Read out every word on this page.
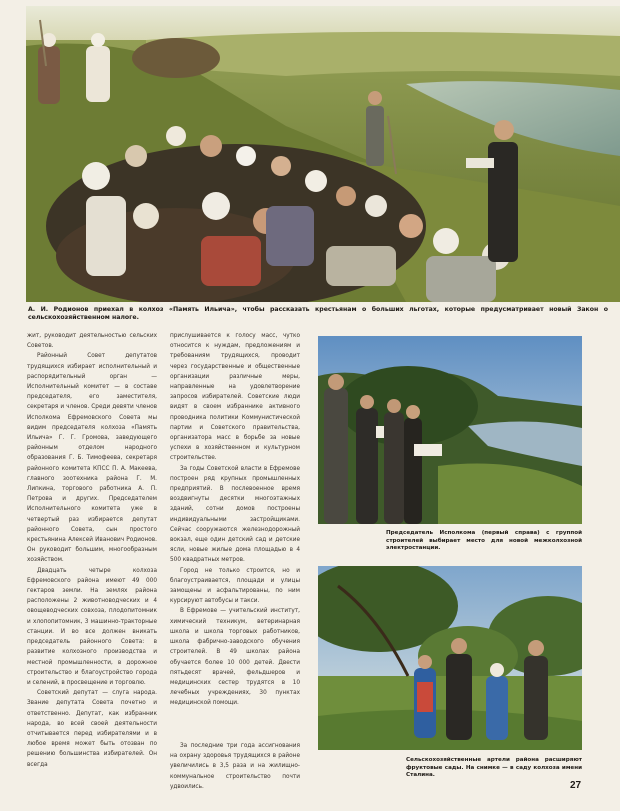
А. И. Родионов приехал в колхоз «Память Ильича», чтобы рассказать крестьянам о больших льготах, которые предусматривает новый Закон о сельскохозяйственном налоге.

жит, руководит деятельностью сельских Советов.

Районный Совет депутатов трудящихся избирает исполнительный и распорядительный орган — Исполнительный комитет — в составе председателя, его заместителя, секретаря и членов. Среди девяти членов Исполкома Ефремовского Совета мы видим председателя колхоза «Память Ильича» Г. Г. Громова, заведующего районным отделом народного образования Г. Б. Тимофеева, секретаря районного комитета КПСС П. А. Макеева, главного зоотехника района Г. М. Липкина, торгового работника А. П. Петрова и других. Председателем Исполнительного комитета уже в четвертый раз избирается депутат районного Совета, сын простого крестьянина Алексей Иванович Родионов. Он руководит большим, многообразным хозяйством.

Двадцать четыре колхоза Ефремовского района имеют 49 000 гектаров земли. На землях района расположены 2 животноводческих и 4 овощеводческих совхоза, плодопитомник и хлопопитомник, 3 машинно-тракторные станции. И во все должен вникать председатель районного Совета: в развитие колхозного производства и местной промышленности, в дорожное строительство и благоустройство города и селений, в просвещение и торговлю.

Советский депутат — слуга народа. Звание депутата Совета почетно и ответственно. Депутат, как избранник народа, во всей своей деятельности отчитывается перед избирателями и в любое время может быть отозван по решению большинства избирателей. Он всегда

прислушивается к голосу масс, чутко относится к нуждам, предложениям и требованиям трудящихся, проводит через государственные и общественные организации различные меры, направленные на удовлетворение запросов избирателей. Советские люди видят в своем избраннике активного проводника политики Коммунистической партии и Советского правительства, организатора масс в борьбе за новые успехи в хозяйственном и культурном строительстве.

За годы Советской власти в Ефремове построен ряд крупных промышленных предприятий. В послевоенное время воздвигнуты десятки многоэтажных зданий, сотни домов построены индивидуальными застройщиками. Сейчас сооружаются железнодорожный вокзал, еще один детский сад и детские ясли, новые жилые дома площадью в 4 500 квадратных метров.

Город не только строится, но и благоустраивается, площади и улицы замощены и асфальтированы, по ним курсируют автобусы и такси.

В Ефремове — учительский институт, химический техникум, ветеринарная школа и школа торговых работников, школа фабрично-заводского обучения строителей. В 49 школах района обучается более 10 000 детей. Двести пятьдесят врачей, фельдшеров и медицинских сестер трудятся в 10 лечебных учреждениях, 30 пунктах медицинской помощи.

За последние три года ассигнования на охрану здоровья трудящихся в районе увеличились в 3,5 раза и на жилищно-коммунальное строительство почти удвоились.

Председатель Исполкома (первый справа) с группой строителей выбирает место для новой межколхозной электростанции.
Сельскохозяйственные артели района расширяют фруктовые сады. На снимке — в саду колхоза имени Сталина.
27
